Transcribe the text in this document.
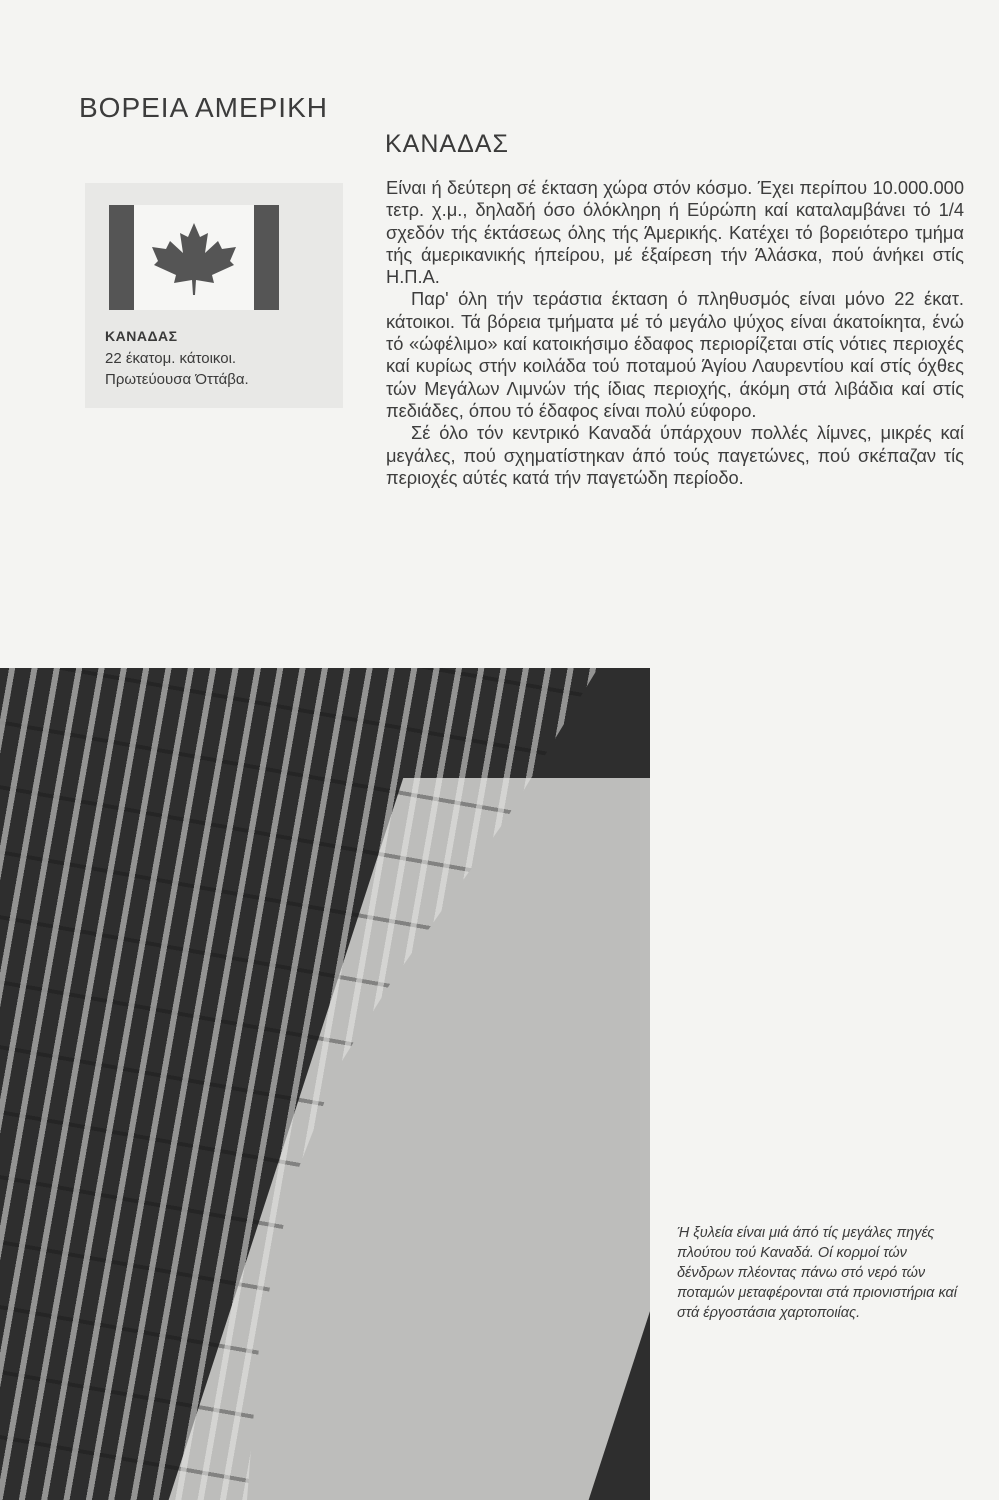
ΒΟΡΕΙΑ ΑΜΕΡΙΚΗ
ΚΑΝΑΔΑΣ
ΚΑΝΑΔΑΣ
22 έκατομ. κάτοικοι.
Πρωτεύουσα Όττάβα.

Είναι ή δεύτερη σέ έκταση χώρα στόν κόσμο. Έχει περίπου 10.000.000 τετρ. χ.μ., δηλαδή όσο όλόκληρη ή Εύρώπη καί καταλαμβάνει τό 1/4 σχεδόν τής έκτάσεως όλης τής Άμερικής. Κατέχει τό βορειότερο τμήμα τής άμερικανικής ήπείρου, μέ έξαίρεση τήν Άλάσκα, πού άνήκει στίς Η.Π.Α.

Παρ' όλη τήν τεράστια έκταση ό πληθυσμός είναι μόνο 22 έκατ. κάτοικοι. Τά βόρεια τμήματα μέ τό μεγάλο ψύχος είναι άκατοίκητα, ένώ τό «ώφέλιμο» καί κατοικήσιμο έδαφος περιορίζεται στίς νότιες περιοχές καί κυρίως στήν κοιλάδα τού ποταμού Άγίου Λαυρεντίου καί στίς όχθες τών Μεγάλων Λιμνών τής ίδιας περιοχής, άκόμη στά λιβάδια καί στίς πεδιάδες, όπου τό έδαφος είναι πολύ εύφορο.

Σέ όλο τόν κεντρικό Καναδά ύπάρχουν πολλές λίμνες, μικρές καί μεγάλες, πού σχηματίστηκαν άπό τούς παγετώνες, πού σκέπαζαν τίς περιοχές αύτές κατά τήν παγετώδη περίοδο.

Ή ξυλεία είναι μιά άπό τίς μεγάλες πηγές πλούτου τού Καναδά. Οί κορμοί τών δένδρων πλέοντας πάνω στό νερό τών ποταμών μεταφέρονται στά πριονιστήρια καί στά έργοστάσια χαρτοποιίας.
